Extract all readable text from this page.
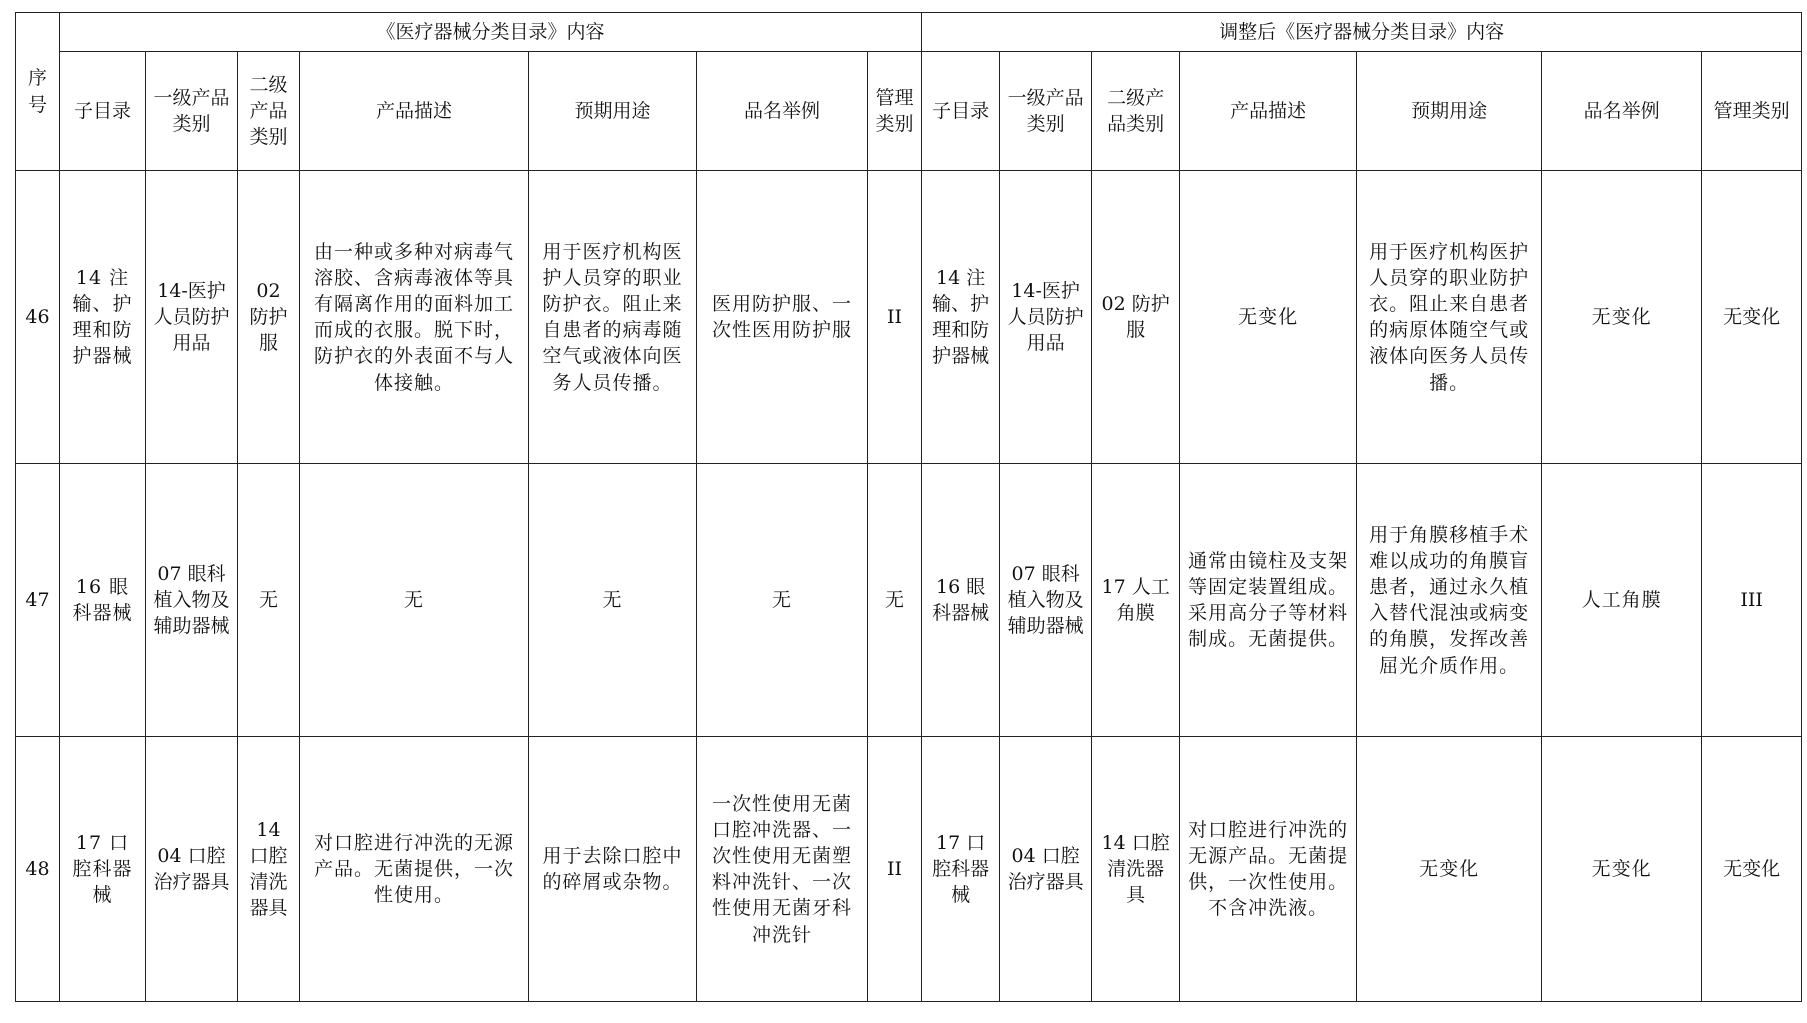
序号	《医疗器械分类目录》内容							调整后《医疗器械分类目录》内容						
	子目录	一级产品类别	二级产品类别	产品描述	预期用途	品名举例	管理类别	子目录	一级产品类别	二级产品类别	产品描述	预期用途	品名举例	管理类别
46	14 注输、护理和防护器械	14-医护人员防护用品	02 防护服	由一种或多种对病毒气溶胶、含病毒液体等具有隔离作用的面料加工而成的衣服。脱下时，防护衣的外表面不与人体接触。	用于医疗机构医护人员穿的职业防护衣。阻止来自患者的病毒随空气或液体向医务人员传播。	医用防护服、一次性医用防护服	II	14 注输、护理和防护器械	14-医护人员防护用品	02 防护服	无变化	用于医疗机构医护人员穿的职业防护衣。阻止来自患者的病原体随空气或液体向医务人员传播。	无变化	无变化
47	16 眼科器械	07 眼科植入物及辅助器械	无	无	无	无	无	16 眼科器械	07 眼科植入物及辅助器械	17 人工角膜	通常由镜柱及支架等固定装置组成。采用高分子等材料制成。无菌提供。	用于角膜移植手术难以成功的角膜盲患者，通过永久植入替代混浊或病变的角膜，发挥改善屈光介质作用。	人工角膜	III
48	17 口腔科器械	04 口腔治疗器具	14 口腔清洗器具	对口腔进行冲洗的无源产品。无菌提供，一次性使用。	用于去除口腔中的碎屑或杂物。	一次性使用无菌口腔冲洗器、一次性使用无菌塑料冲洗针、一次性使用无菌牙科冲洗针	II	17 口腔科器械	04 口腔治疗器具	14 口腔清洗器具	对口腔进行冲洗的无源产品。无菌提供，一次性使用。不含冲洗液。	无变化	无变化	无变化
